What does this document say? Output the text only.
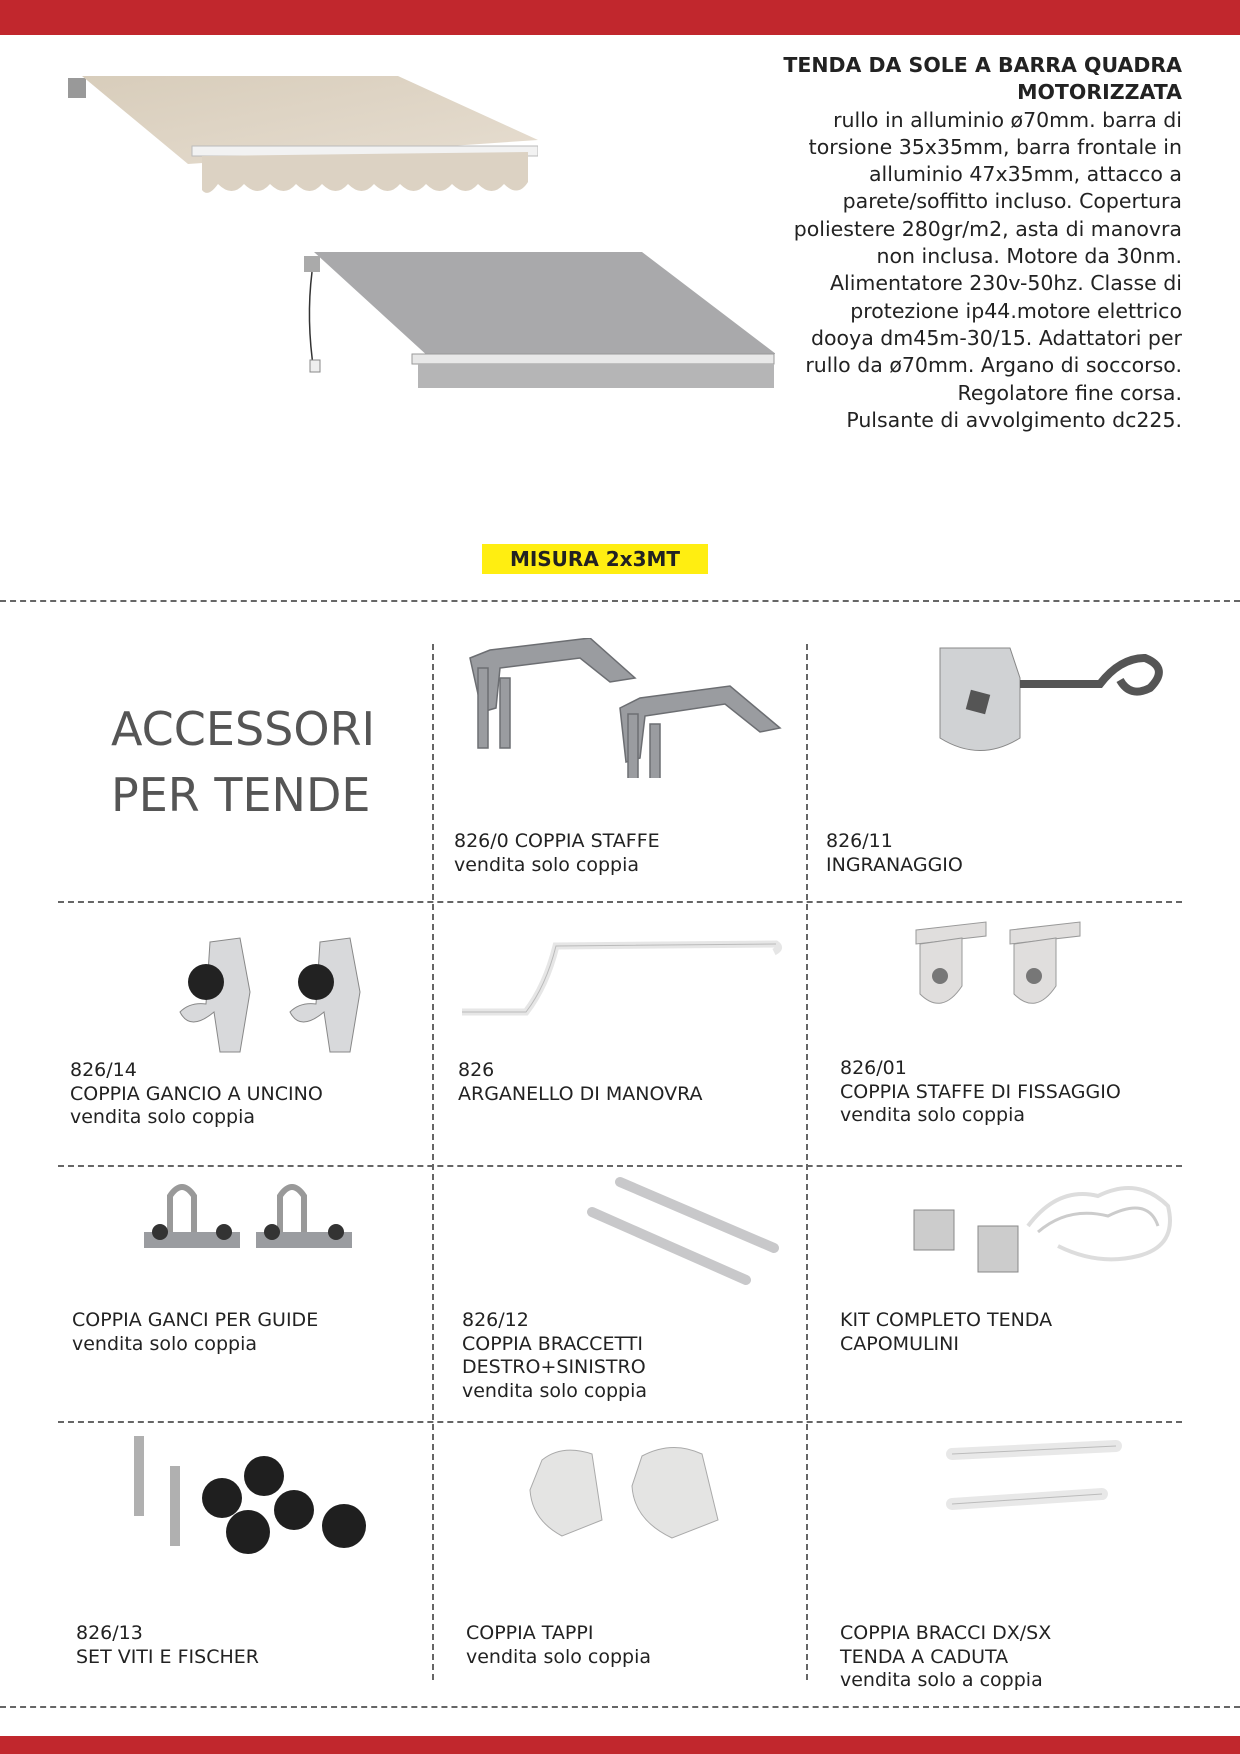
TENDA DA SOLE A BARRA QUADRA MOTORIZZATA
rullo in alluminio ø70mm. barra di
torsione 35x35mm, barra frontale in
alluminio 47x35mm, attacco a
parete/soffitto incluso. Copertura
poliestere 280gr/m2, asta di manovra
non inclusa. Motore da 30nm.
Alimentatore 230v-50hz. Classe di
protezione ip44.motore elettrico
dooya dm45m-30/15. Adattatori per
rullo da ø70mm. Argano di soccorso.
Regolatore fine corsa.
Pulsante di avvolgimento dc225.
MISURA 2x3MT
ACCESSORI
PER TENDE
826/0 COPPIA STAFFE
vendita solo coppia
826/11
INGRANAGGIO
826/14
COPPIA GANCIO A UNCINO
vendita solo coppia
826
ARGANELLO DI MANOVRA
826/01
COPPIA STAFFE DI FISSAGGIO
vendita solo coppia
COPPIA GANCI PER GUIDE
vendita solo coppia
826/12
COPPIA BRACCETTI
DESTRO+SINISTRO
vendita solo coppia
KIT COMPLETO TENDA
CAPOMULINI
826/13
SET VITI E FISCHER
COPPIA TAPPI
vendita solo coppia
COPPIA BRACCI DX/SX
TENDA A CADUTA
vendita solo a coppia
